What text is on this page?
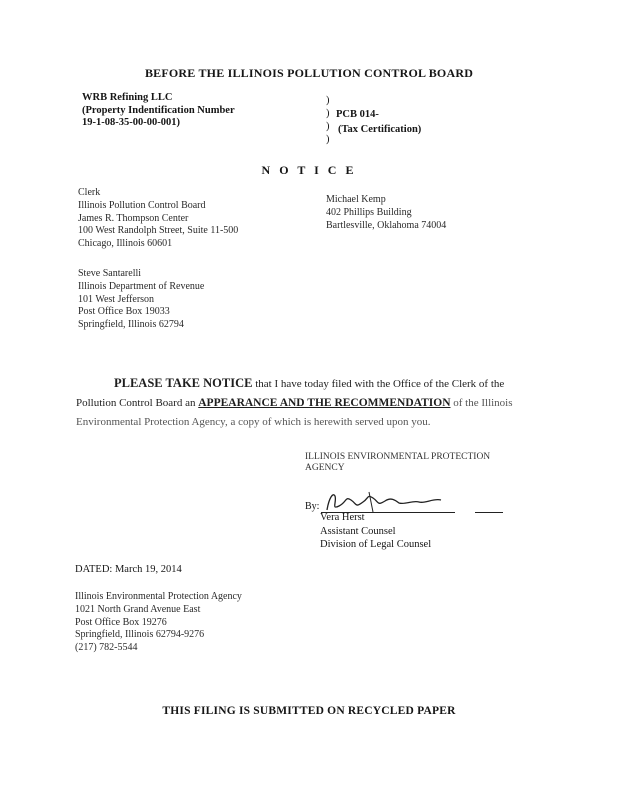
BEFORE THE ILLINOIS POLLUTION CONTROL BOARD
WRB Refining LLC
(Property Indentification Number
19-1-08-35-00-00-001)
)
)
)
)
PCB 014-
(Tax Certification)
N O T I C E
Clerk
Illinois Pollution Control Board
James R. Thompson Center
100 West Randolph Street, Suite 11-500
Chicago, Illinois 60601
Michael Kemp
402 Phillips Building
Bartlesville, Oklahoma 74004
Steve Santarelli
Illinois Department of Revenue
101 West Jefferson
Post Office Box 19033
Springfield, Illinois 62794
PLEASE TAKE NOTICE that I have today filed with the Office of the Clerk of the Pollution Control Board an APPEARANCE AND THE RECOMMENDATION of the Illinois Environmental Protection Agency, a copy of which is herewith served upon you.
ILLINOIS ENVIRONMENTAL PROTECTION
AGENCY
By:
Vera Herst
Assistant Counsel
Division of Legal Counsel
DATED: March 19, 2014
Illinois Environmental Protection Agency
1021 North Grand Avenue East
Post Office Box 19276
Springfield, Illinois 62794-9276
(217) 782-5544
THIS FILING IS SUBMITTED ON RECYCLED PAPER
